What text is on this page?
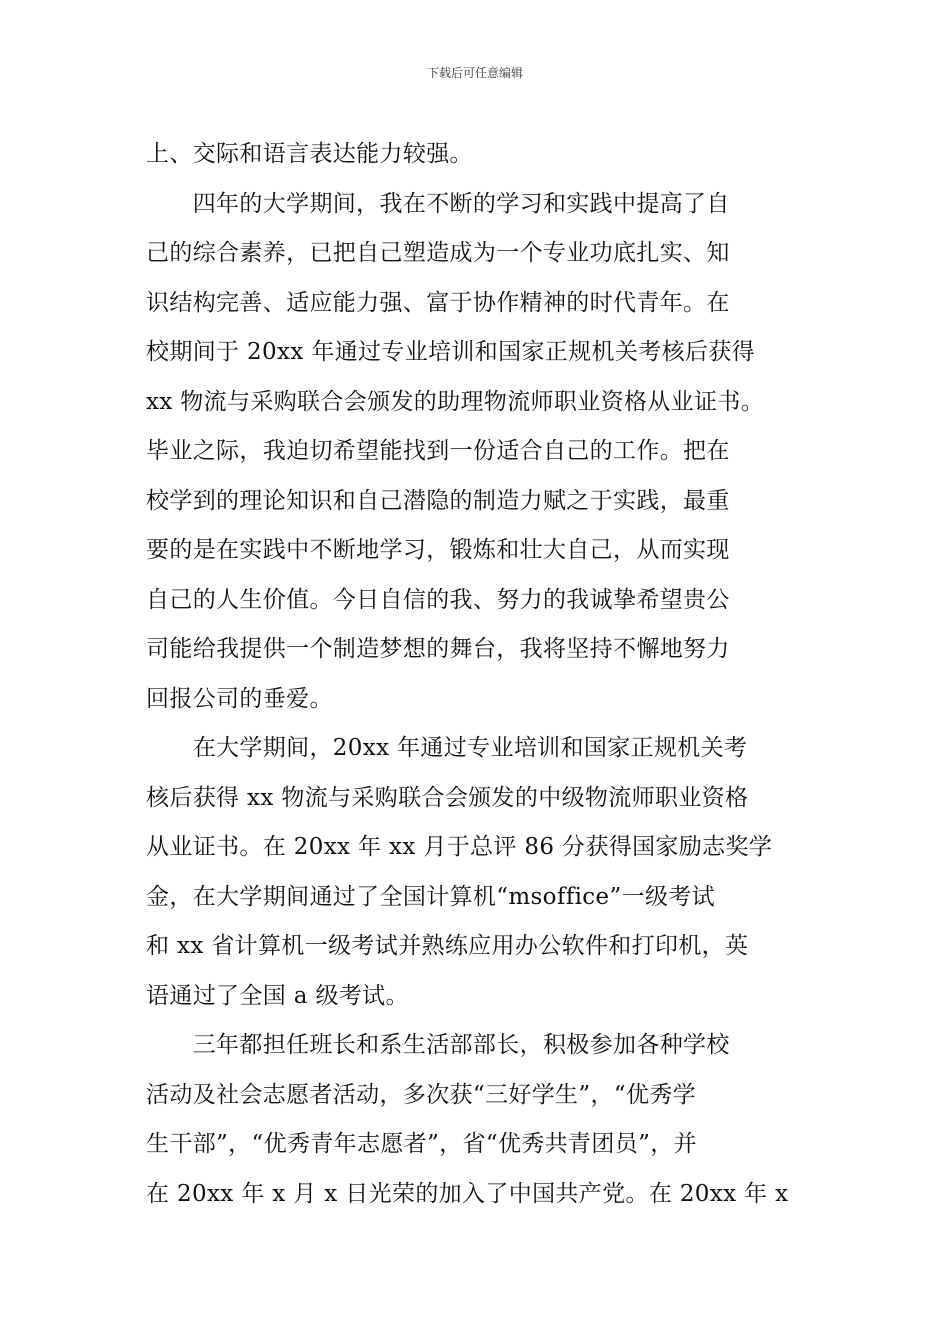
下载后可任意编辑
上、交际和语言表达能力较强。
　　四年的大学期间，我在不断的学习和实践中提高了自
己的综合素养，已把自己塑造成为一个专业功底扎实、知
识结构完善、适应能力强、富于协作精神的时代青年。在
校期间于 20xx 年通过专业培训和国家正规机关考核后获得
xx 物流与采购联合会颁发的助理物流师职业资格从业证书。
毕业之际，我迫切希望能找到一份适合自己的工作。把在
校学到的理论知识和自己潜隐的制造力赋之于实践，最重
要的是在实践中不断地学习，锻炼和壮大自己，从而实现
自己的人生价值。今日自信的我、努力的我诚挚希望贵公
司能给我提供一个制造梦想的舞台，我将坚持不懈地努力
回报公司的垂爱。
　　在大学期间，20xx 年通过专业培训和国家正规机关考
核后获得 xx 物流与采购联合会颁发的中级物流师职业资格
从业证书。在 20xx 年 xx 月于总评 86 分获得国家励志奖学
金，在大学期间通过了全国计算机“msoffice”一级考试
和 xx 省计算机一级考试并熟练应用办公软件和打印机，英
语通过了全国 a 级考试。
　　三年都担任班长和系生活部部长，积极参加各种学校
活动及社会志愿者活动，多次获“三好学生”，“优秀学
生干部”，“优秀青年志愿者”，省“优秀共青团员”，并
在 20xx 年 x 月 x 日光荣的加入了中国共产党。在 20xx 年 x
